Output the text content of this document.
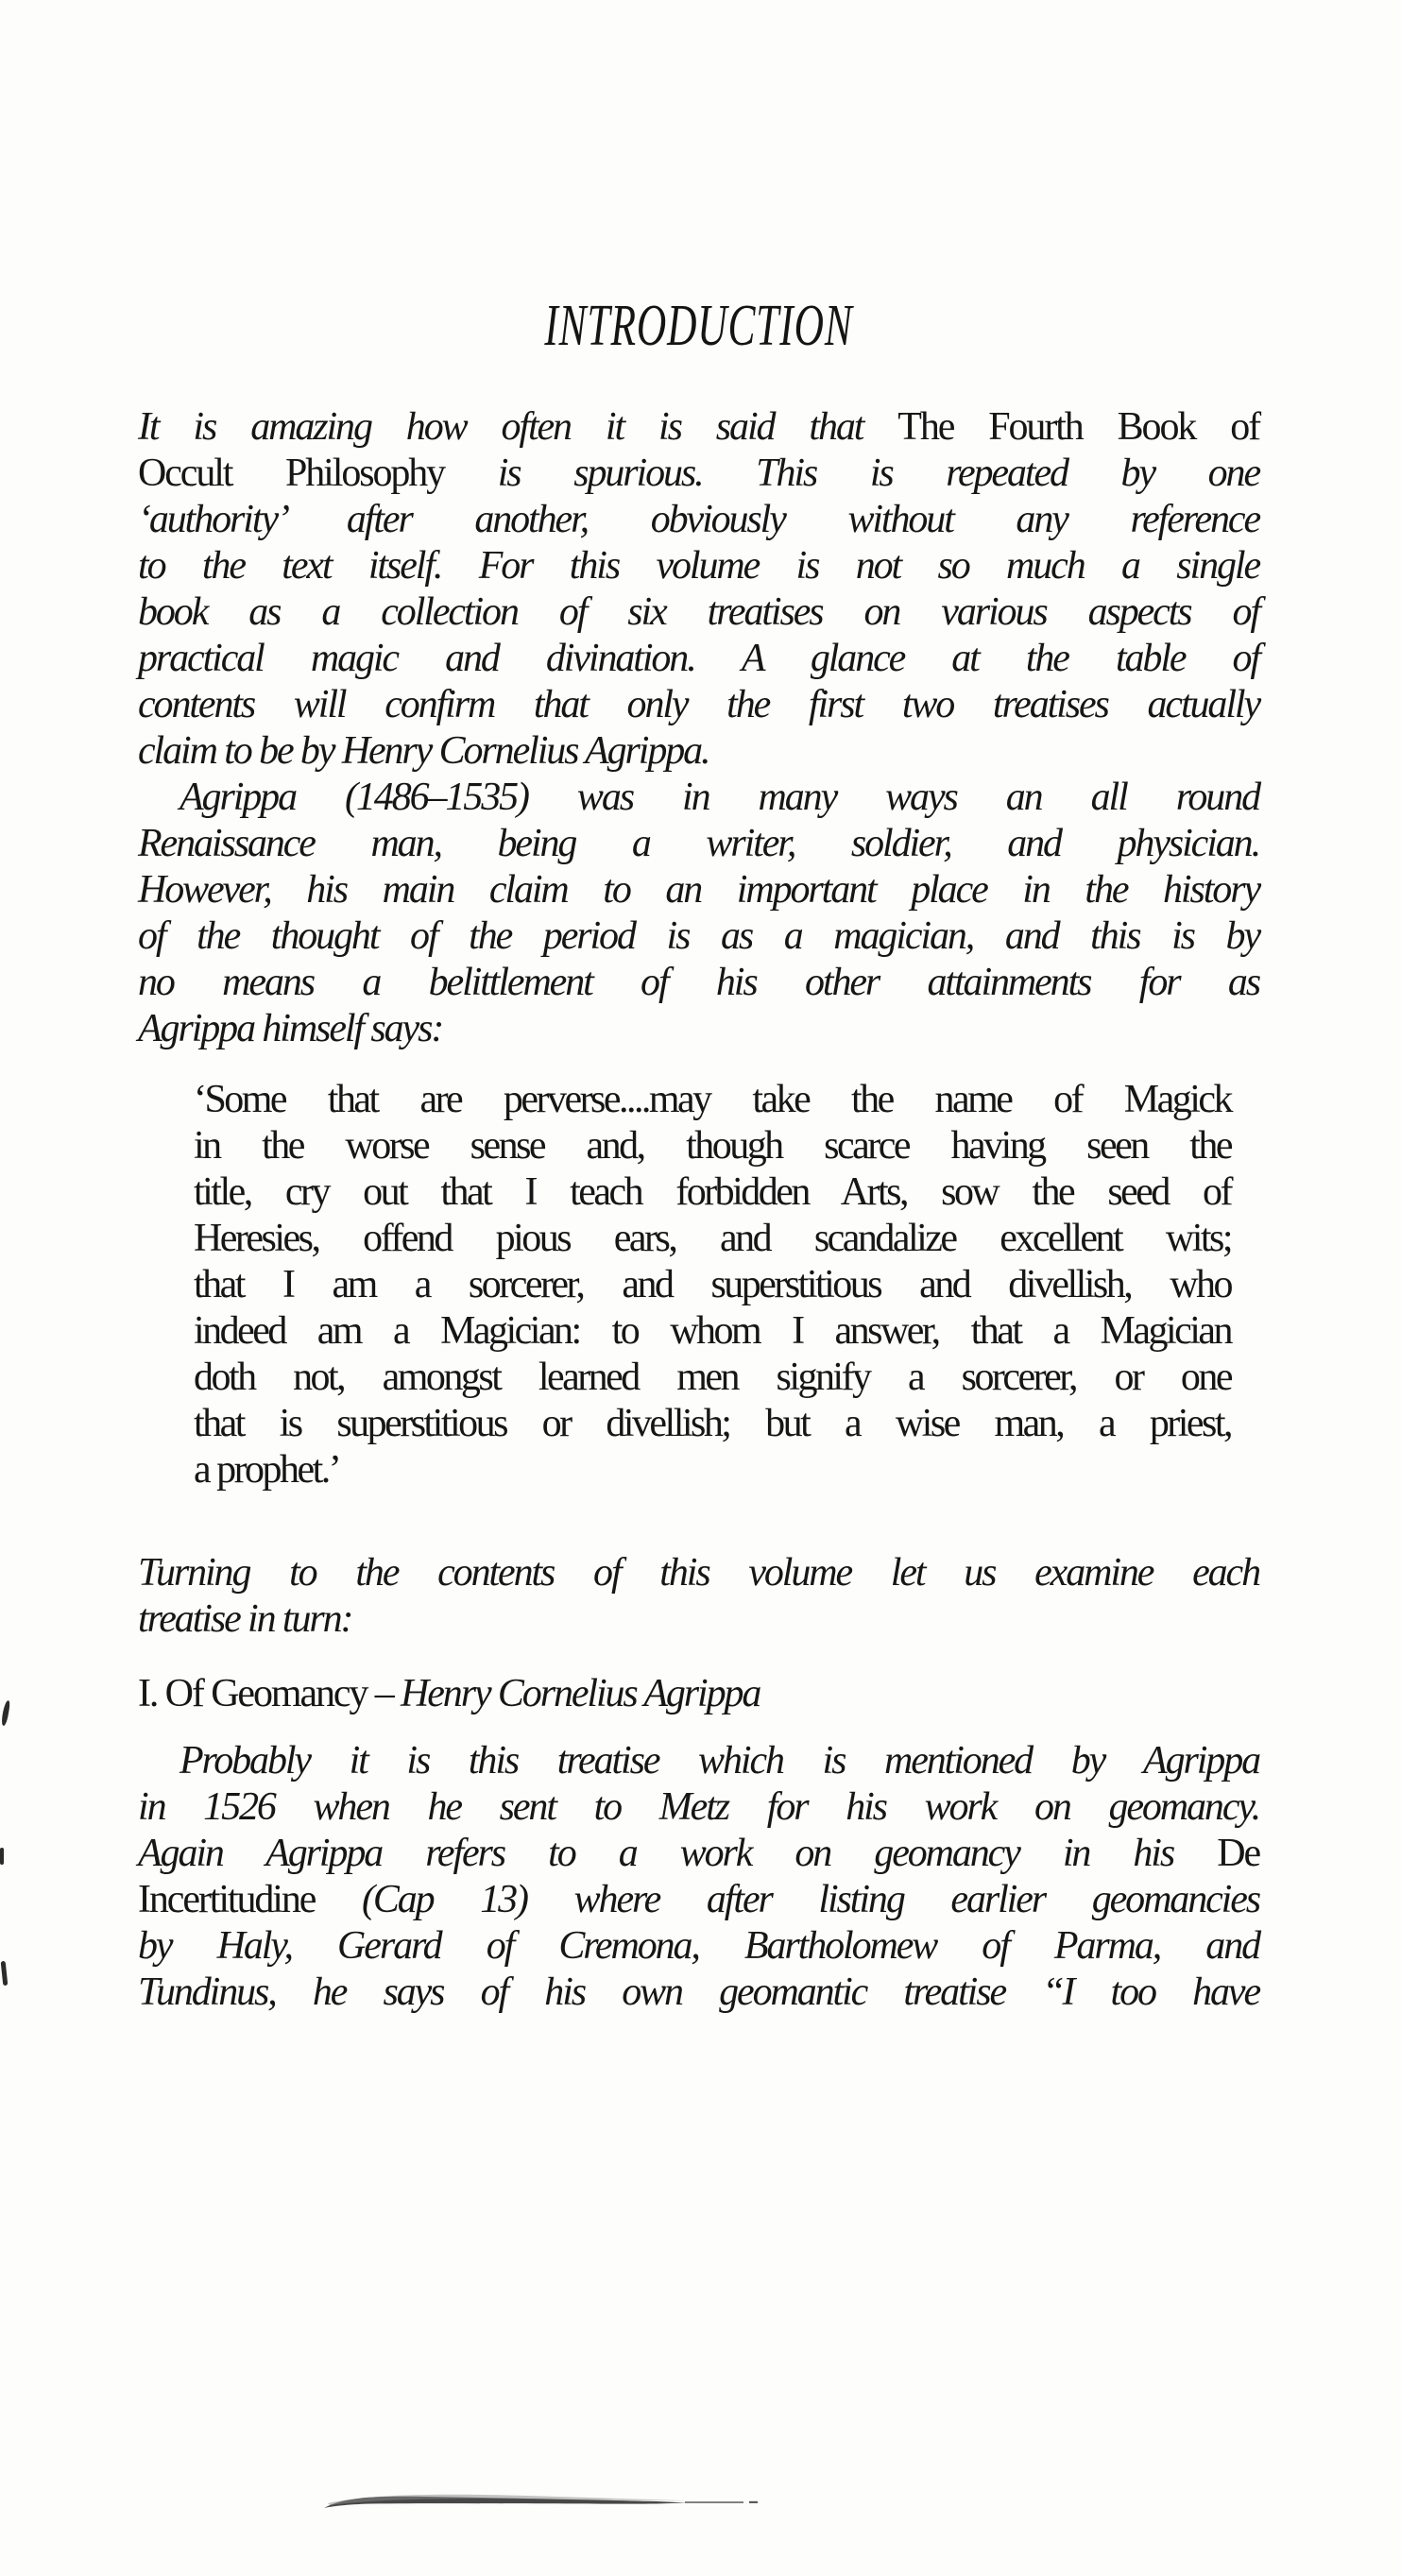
INTRODUCTION
It is amazing how often it is said that The Fourth Book of
Occult Philosophy is spurious. This is repeated by one
‘authority’ after another, obviously without any reference
to the text itself. For this volume is not so much a single
book as a collection of six treatises on various aspects of
practical magic and divination. A glance at the table of
contents will confirm that only the first two treatises actually
claim to be by Henry Cornelius Agrippa.
Agrippa (1486–1535) was in many ways an all round
Renaissance man, being a writer, soldier, and physician.
However, his main claim to an important place in the history
of the thought of the period is as a magician, and this is by
no means a belittlement of his other attainments for as
Agrippa himself says:
‘Some that are perverse....may take the name of Magick
in the worse sense and, though scarce having seen the
title, cry out that I teach forbidden Arts, sow the seed of
Heresies, offend pious ears, and scandalize excellent wits;
that I am a sorcerer, and superstitious and divellish, who
indeed am a Magician: to whom I answer, that a Magician
doth not, amongst learned men signify a sorcerer, or one
that is superstitious or divellish; but a wise man, a priest,
a prophet.’
Turning to the contents of this volume let us examine each
treatise in turn:
I. Of Geomancy – Henry Cornelius Agrippa
Probably it is this treatise which is mentioned by Agrippa
in 1526 when he sent to Metz for his work on geomancy.
Again Agrippa refers to a work on geomancy in his De
Incertitudine (Cap 13) where after listing earlier geomancies
by Haly, Gerard of Cremona, Bartholomew of Parma, and
Tundinus, he says of his own geomantic treatise “I too have
